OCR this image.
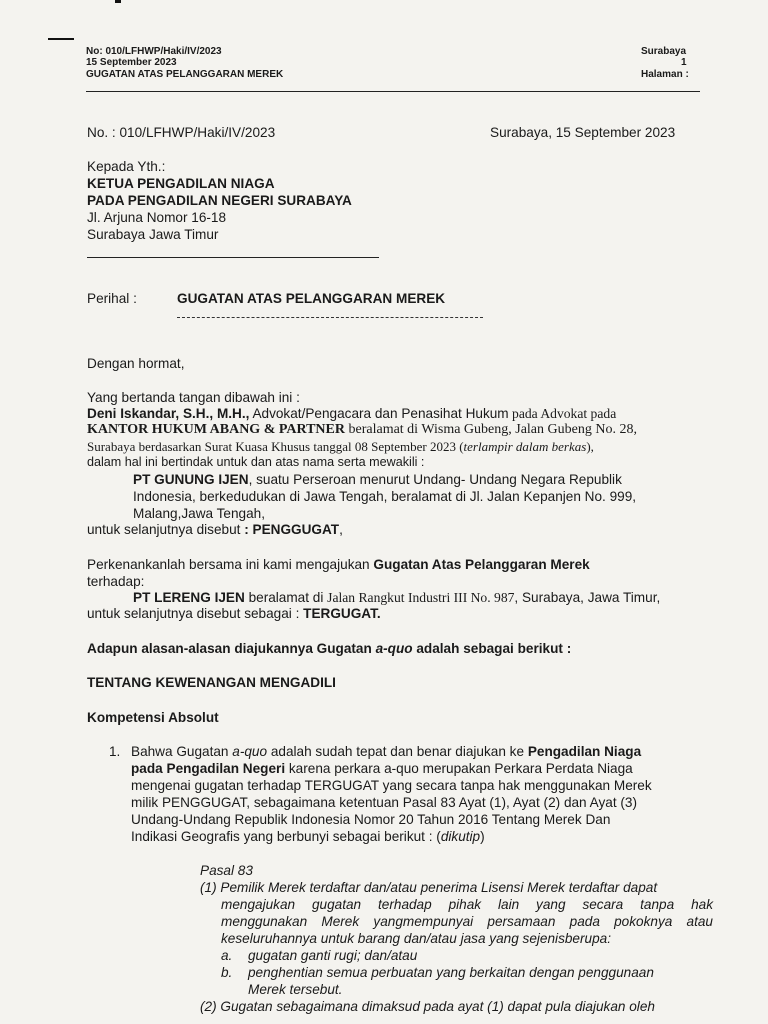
No: 010/LFHWP/Haki/IV/2023
15 September 2023
GUGATAN ATAS PELANGGARAN MEREK
Surabaya
1
Halaman :
No. : 010/LFHWP/Haki/IV/2023	Surabaya, 15 September 2023
Kepada Yth.:
KETUA PENGADILAN NIAGA
PADA PENGADILAN NEGERI SURABAYA
Jl. Arjuna Nomor 16-18
Surabaya Jawa Timur
Perihal :	GUGATAN ATAS PELANGGARAN MEREK
Dengan hormat,
Yang bertanda tangan dibawah ini :
Deni Iskandar, S.H., M.H., Advokat/Pengacara dan Penasihat Hukum pada Advokat pada
KANTOR HUKUM ABANG & PARTNER beralamat di Wisma Gubeng, Jalan Gubeng No. 28,
Surabaya berdasarkan Surat Kuasa Khusus tanggal 08 September 2023 (terlampir dalam berkas),
dalam hal ini bertindak untuk dan atas nama serta mewakili :
PT GUNUNG IJEN, suatu Perseroan menurut Undang- Undang Negara Republik
Indonesia, berkedudukan di Jawa Tengah, beralamat di Jl. Jalan Kepanjen No. 999,
Malang,Jawa Tengah,
untuk selanjutnya disebut : PENGGUGAT,
Perkenankanlah bersama ini kami mengajukan Gugatan Atas Pelanggaran Merek
terhadap:
PT LERENG IJEN beralamat di Jalan Rangkut Industri III No. 987, Surabaya, Jawa Timur,
untuk selanjutnya disebut sebagai : TERGUGAT.
Adapun alasan-alasan diajukannya Gugatan a-quo adalah sebagai berikut :
TENTANG KEWENANGAN MENGADILI
Kompetensi Absolut
1. Bahwa Gugatan a-quo adalah sudah tepat dan benar diajukan ke Pengadilan Niaga
pada Pengadilan Negeri karena perkara a-quo merupakan Perkara Perdata Niaga
mengenai gugatan terhadap TERGUGAT yang secara tanpa hak menggunakan Merek
milik PENGGUGAT, sebagaimana ketentuan Pasal 83 Ayat (1), Ayat (2) dan Ayat (3)
Undang-Undang Republik Indonesia Nomor 20 Tahun 2016 Tentang Merek Dan
Indikasi Geografis yang berbunyi sebagai berikut : (dikutip)
Pasal 83
(1) Pemilik Merek terdaftar dan/atau penerima Lisensi Merek terdaftar dapat
mengajukan gugatan terhadap pihak lain yang secara tanpa hak
menggunakan Merek yangmempunyai persamaan pada pokoknya atau
keseluruhannya untuk barang dan/atau jasa yang sejenisberupa:
a. gugatan ganti rugi; dan/atau
b. penghentian semua perbuatan yang berkaitan dengan penggunaan
Merek tersebut.
(2) Gugatan sebagaimana dimaksud pada ayat (1) dapat pula diajukan oleh
